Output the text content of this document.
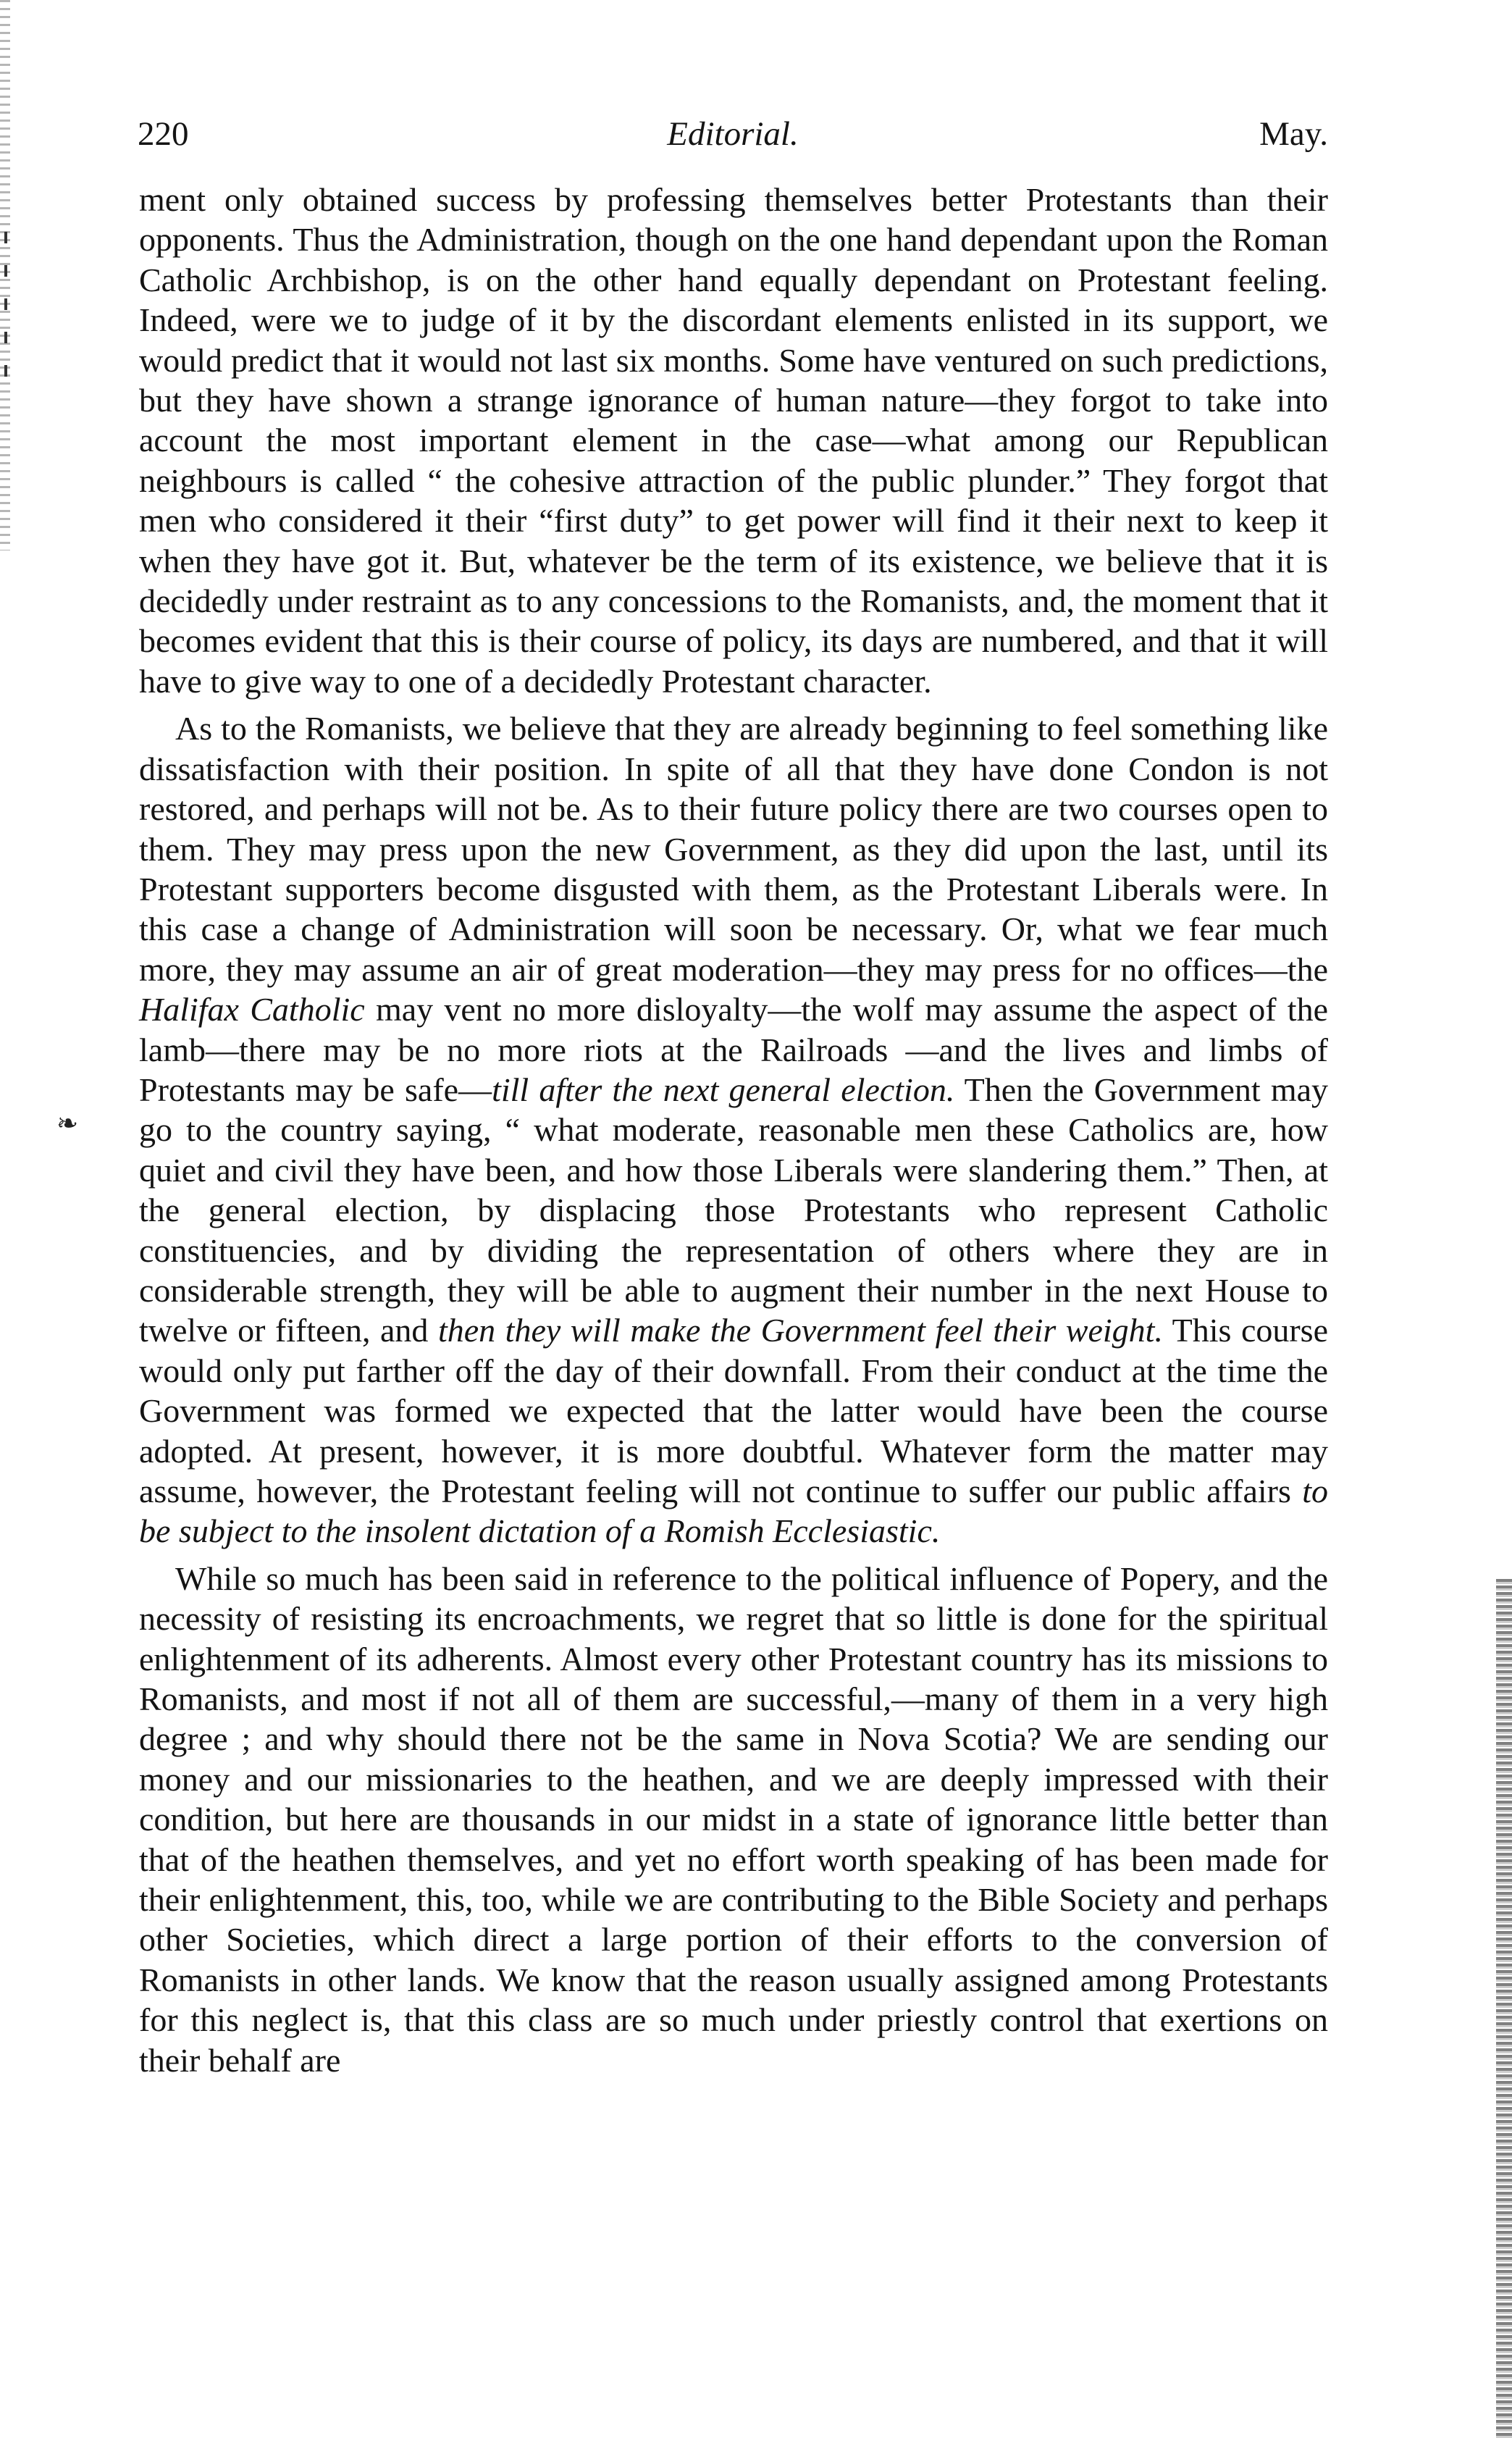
220	Editorial.	May.
❧

ment only obtained success by professing themselves better Protestants than their opponents. Thus the Administration, though on the one hand dependant upon the Roman Catholic Archbishop, is on the other hand equally dependant on Protestant feeling. Indeed, were we to judge of it by the discordant elements enlisted in its support, we would predict that it would not last six months. Some have ventured on such predictions, but they have shown a strange ignorance of human nature—they forgot to take into account the most important element in the case—what among our Republican neighbours is called “ the cohesive attraction of the public plunder.” They forgot that men who considered it their “first duty” to get power will find it their next to keep it when they have got it. But, whatever be the term of its existence, we believe that it is decidedly under restraint as to any concessions to the Romanists, and, the moment that it becomes evident that this is their course of policy, its days are numbered, and that it will have to give way to one of a decidedly Protestant character.

As to the Romanists, we believe that they are already beginning to feel something like dissatisfaction with their position. In spite of all that they have done Condon is not restored, and perhaps will not be. As to their future policy there are two courses open to them. They may press upon the new Government, as they did upon the last, until its Protestant supporters become disgusted with them, as the Protestant Liberals were. In this case a change of Administration will soon be necessary. Or, what we fear much more, they may assume an air of great moderation—they may press for no offices—the Halifax Catholic may vent no more disloyalty—the wolf may assume the aspect of the lamb—there may be no more riots at the Railroads —and the lives and limbs of Protestants may be safe—till after the next general election. Then the Government may go to the country saying, “ what moderate, reasonable men these Catholics are, how quiet and civil they have been, and how those Liberals were slandering them.” Then, at the general election, by displacing those Protestants who represent Catholic constituencies, and by dividing the representation of others where they are in considerable strength, they will be able to augment their number in the next House to twelve or fifteen, and then they will make the Government feel their weight. This course would only put farther off the day of their downfall. From their conduct at the time the Government was formed we expected that the latter would have been the course adopted. At present, however, it is more doubtful. Whatever form the matter may assume, however, the Protestant feeling will not continue to suffer our public affairs to be subject to the insolent dictation of a Romish Ecclesiastic.

While so much has been said in reference to the political influence of Popery, and the necessity of resisting its encroachments, we regret that so little is done for the spiritual enlightenment of its adherents. Almost every other Protestant country has its missions to Romanists, and most if not all of them are successful,—many of them in a very high degree ; and why should there not be the same in Nova Scotia? We are sending our money and our missionaries to the heathen, and we are deeply impressed with their condition, but here are thousands in our midst in a state of ignorance little better than that of the heathen themselves, and yet no effort worth speaking of has been made for their enlightenment, this, too, while we are contributing to the Bible Society and perhaps other Societies, which direct a large portion of their efforts to the conversion of Romanists in other lands. We know that the reason usually assigned among Protestants for this neglect is, that this class are so much under priestly control that exertions on their behalf are
